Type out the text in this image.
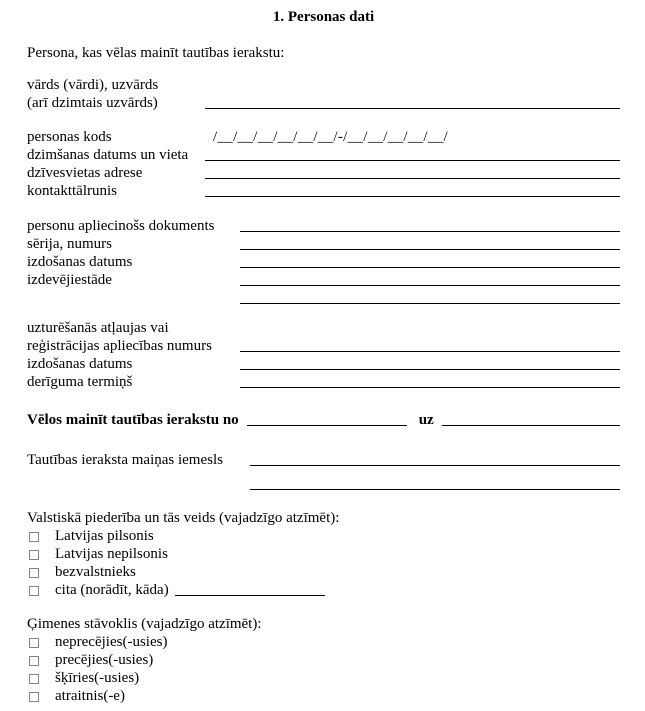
1. Personas dati
Persona, kas vēlas mainīt tautības ierakstu:
vārds (vārdi), uzvārds
(arī dzimtais uzvārds)
personas kods	/__/__/__/__/__/__/-/__/__/__/__/__/
dzimšanas datums un vieta
dzīvesvietas adrese
kontakttālrunis
personu apliecinošs dokuments
sērija, numurs
izdošanas datums
izdevējiestāde
uzturēšanās atļaujas vai
reģistrācijas apliecības numurs
izdošanas datums
derīguma termiņš
Vēlos mainīt tautības ierakstu no	uz
Tautības ieraksta maiņas iemesls
Valstiskā piederība un tās veids (vajadzīgo atzīmēt):
Latvijas pilsonis
Latvijas nepilsonis
bezvalstnieks
cita (norādīt, kāda)
Ģimenes stāvoklis (vajadzīgo atzīmēt):
neprecējies(-usies)
precējies(-usies)
šķīries(-usies)
atraitnis(-e)
